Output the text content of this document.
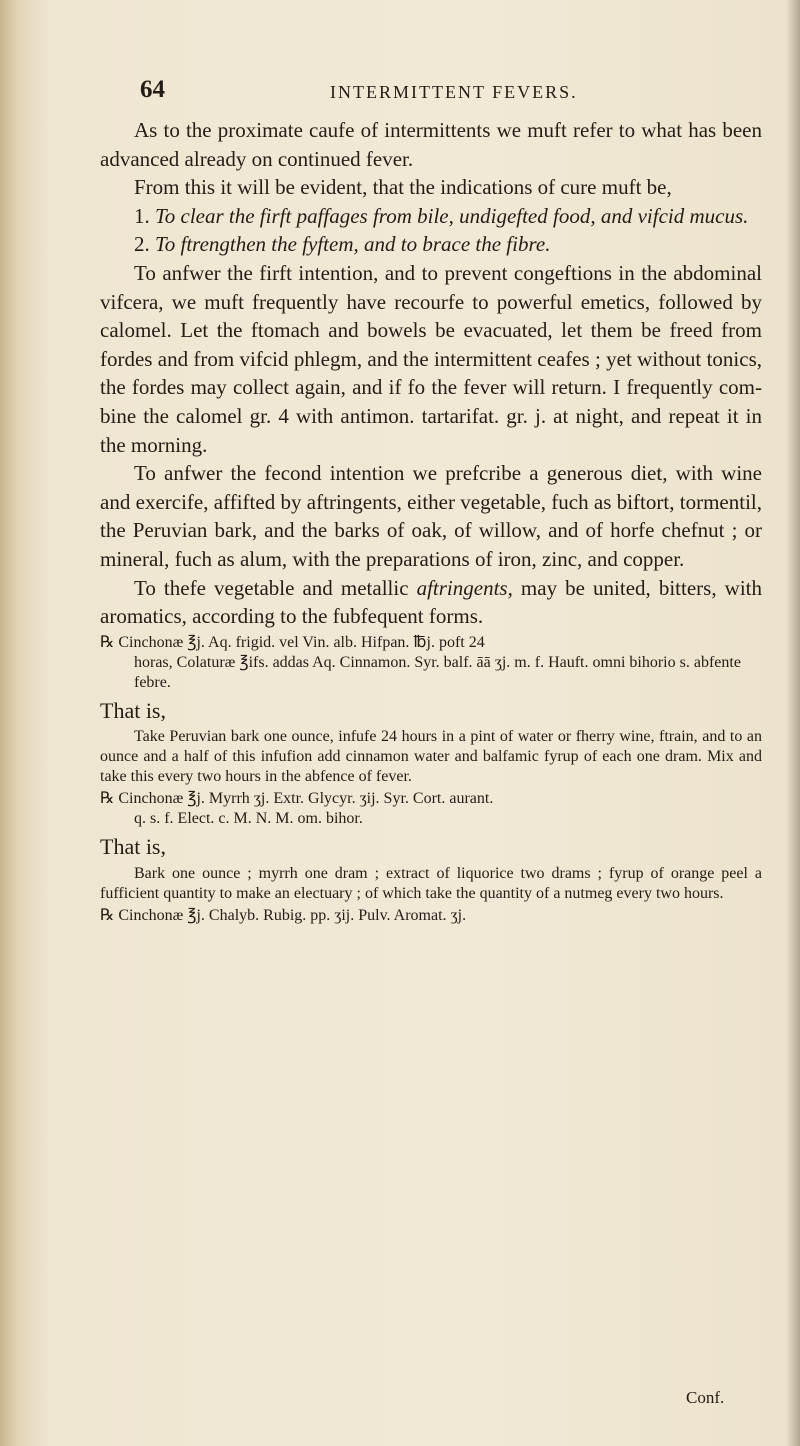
64	INTERMITTENT FEVERS.

As to the proximate caufe of intermittents we muft refer to what has been advanced already on continued fever.

From this it will be evident, that the indications of cure muft be,

1. To clear the firft paffages from bile, undigefted food, and vifcid mucus.

2. To ftrengthen the fyftem, and to brace the fibre.

To anfwer the firft intention, and to prevent congeftions in the abdominal vifcera, we muft frequently have recourfe to powerful emetics, followed by calomel. Let the ftomach and bowels be evacuated, let them be freed from fordes and from vifcid phlegm, and the intermittent ceafes ; yet without tonics, the fordes may collect again, and if fo the fever will return. I frequently combine the calomel gr. 4 with antimon. tartarifat. gr. j. at night, and repeat it in the morning.

To anfwer the fecond intention we prefcribe a generous diet, with wine and exercife, affifted by aftringents, either vegetable, fuch as biftort, tormentil, the Peruvian bark, and the barks of oak, of willow, and of horfe chefnut ; or mineral, fuch as alum, with the preparations of iron, zinc, and copper.

To thefe vegetable and metallic aftringents, may be united, bitters, with aromatics, according to the fubfequent forms.

℞ Cinchonæ ℥j. Aq. frigid. vel Vin. alb. Hifpan. ℔j. poft 24
horas, Colaturæ ℥ifs. addas Aq. Cinnamon. Syr. balf. āā ʒj. m. f. Hauft. omni bihorio s. abfente febre.

That is,

Take Peruvian bark one ounce, infufe 24 hours in a pint of water or fherry wine, ftrain, and to an ounce and a half of this infufion add cinnamon water and balfamic fyrup of each one dram. Mix and take this every two hours in the abfence of fever.

℞ Cinchonæ ℥j. Myrrh ʒj. Extr. Glycyr. ʒij. Syr. Cort. aurant.
q. s. f. Elect. c. M. N. M. om. bihor.

That is,

Bark one ounce ; myrrh one dram ; extract of liquorice two drams ; fyrup of orange peel a fufficient quantity to make an electuary ; of which take the quantity of a nutmeg every two hours.

℞ Cinchonæ ℥j. Chalyb. Rubig. pp. ʒij. Pulv. Aromat. ʒj.

Conf.
